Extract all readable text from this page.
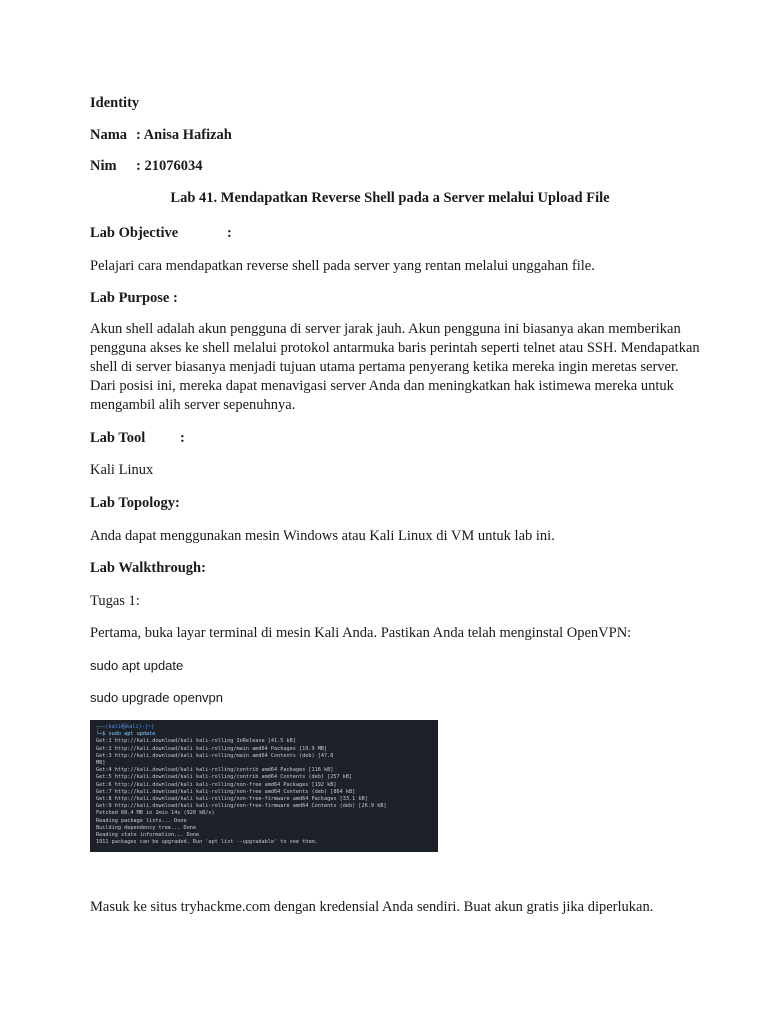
Identity
Nama : Anisa Hafizah
Nim : 21076034
Lab 41. Mendapatkan Reverse Shell pada a Server melalui Upload File
Lab Objective	:
Pelajari cara mendapatkan reverse shell pada server yang rentan melalui unggahan file.
Lab Purpose :

Akun shell adalah akun pengguna di server jarak jauh. Akun pengguna ini biasanya akan memberikan

pengguna akses ke shell melalui protokol antarmuka baris perintah seperti telnet atau SSH. Mendapatkan

shell di server biasanya menjadi tujuan utama pertama penyerang ketika mereka ingin meretas server.

Dari posisi ini, mereka dapat menavigasi server Anda dan meningkatkan hak istimewa mereka untuk

mengambil alih server sepenuhnya.

Lab Tool :
Kali Linux
Lab Topology:
Anda dapat menggunakan mesin Windows atau Kali Linux di VM untuk lab ini.
Lab Walkthrough:
Tugas 1:
Pertama, buka layar terminal di mesin Kali Anda. Pastikan Anda telah menginstal OpenVPN:
sudo apt update
sudo upgrade openvpn
┌──(kali㉿kali)-[~]
└─$ sudo apt update
Get:1 http://kali.download/kali kali-rolling InRelease [41.5 kB]
Get:2 http://kali.download/kali kali-rolling/main amd64 Packages [19.9 MB]
Get:3 http://kali.download/kali kali-rolling/main amd64 Contents (deb) [47.8
MB]
Get:4 http://kali.download/kali kali-rolling/contrib amd64 Packages [116 kB]
Get:5 http://kali.download/kali kali-rolling/contrib amd64 Contents (deb) [257 kB]
Get:6 http://kali.download/kali kali-rolling/non-free amd64 Packages [192 kB]
Get:7 http://kali.download/kali kali-rolling/non-free amd64 Contents (deb) [864 kB]
Get:8 http://kali.download/kali kali-rolling/non-free-firmware amd64 Packages [33.1 kB]
Get:9 http://kali.download/kali kali-rolling/non-free-firmware amd64 Contents (deb) [26.9 kB]
Fetched 68.4 MB in 1min 14s (920 kB/s)
Reading package lists... Done
Building dependency tree... Done
Reading state information... Done
1911 packages can be upgraded. Run 'apt list --upgradable' to see them.
Masuk ke situs tryhackme.com dengan kredensial Anda sendiri. Buat akun gratis jika diperlukan.
